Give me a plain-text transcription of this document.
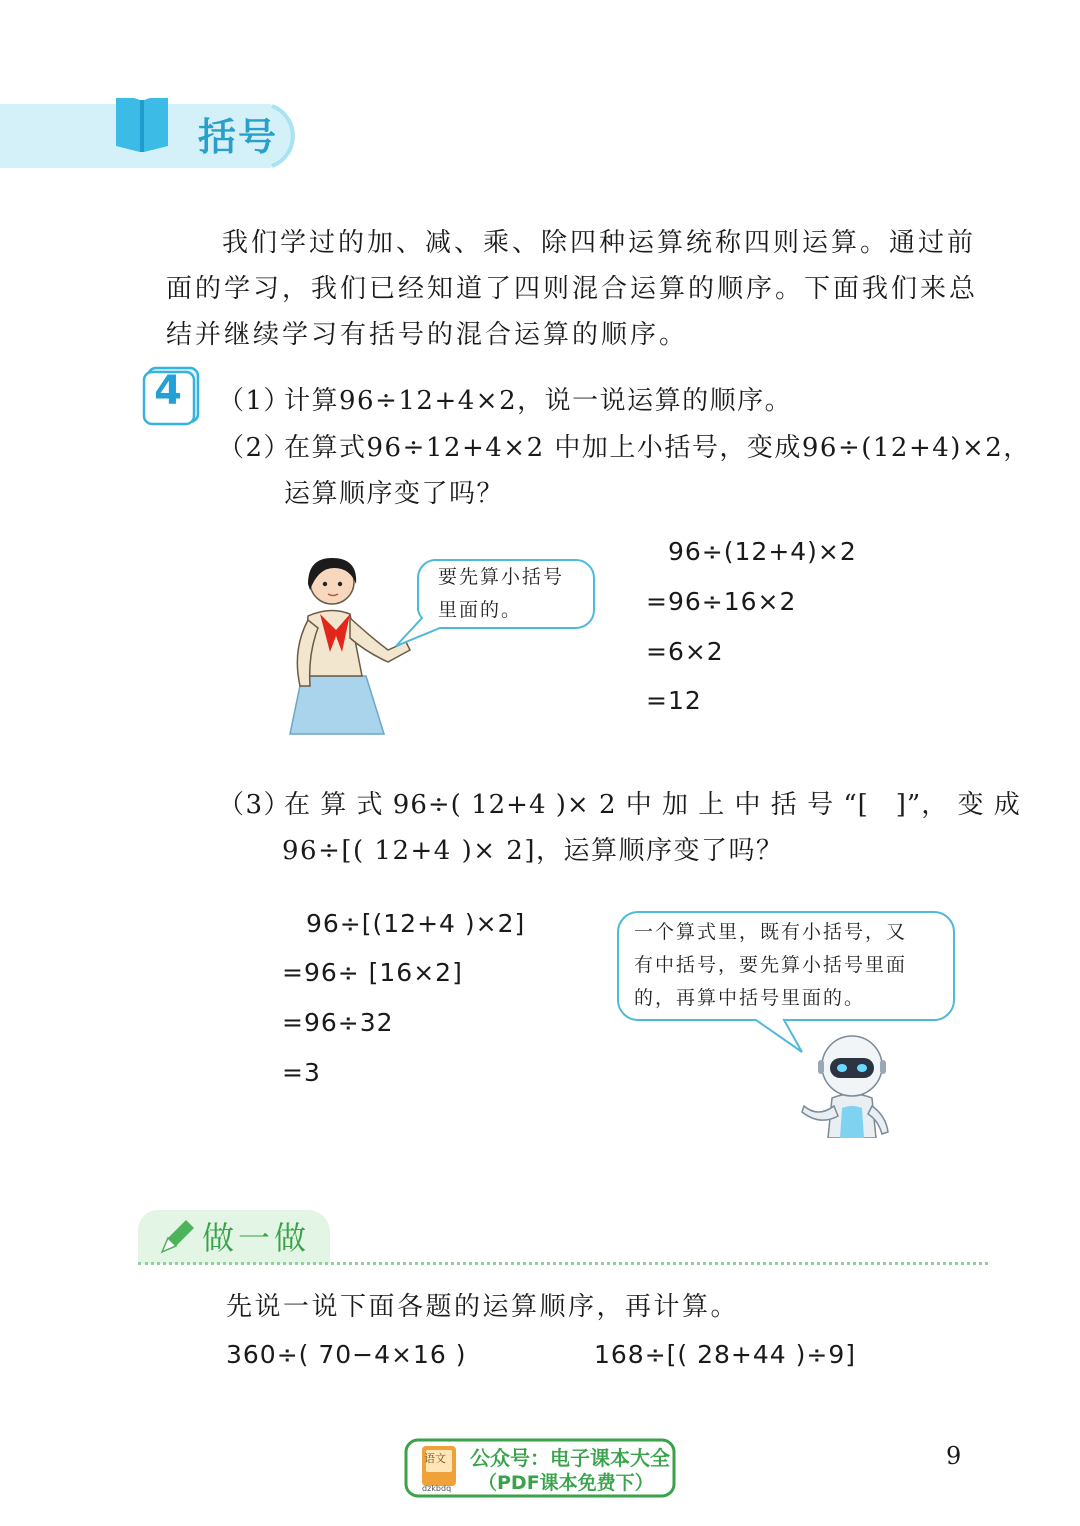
括号
我们学过的加、减、乘、除四种运算统称四则运算。通过前面的学习，我们已经知道了四则混合运算的顺序。下面我们来总结并继续学习有括号的混合运算的顺序。
4	（1）
计算96÷12+4×2，说一说运算的顺序。
（2）
在算式96÷12+4×2 中加上小括号，变成96÷(12+4)×2，
运算顺序变了吗？
要先算小括号
里面的。
96÷(12+4)×2
=96÷16×2
=6×2
=12
（3）
在 算 式 96÷( 12+4 )× 2 中 加 上 中 括 号 “[　]”， 变 成
96÷[( 12+4 )× 2]，运算顺序变了吗？
96÷[(12+4 )×2]
=96÷ [16×2]
=96÷32
=3
一个算式里，既有小括号，又
有中括号，要先算小括号里面
的，再算中括号里面的。
做一做
先说一说下面各题的运算顺序，再计算。
360÷( 70−4×16 )	168÷[( 28+44 )÷9]
语文
dzkbdq
公众号：电子课本大全
（PDF课本免费下）
9
